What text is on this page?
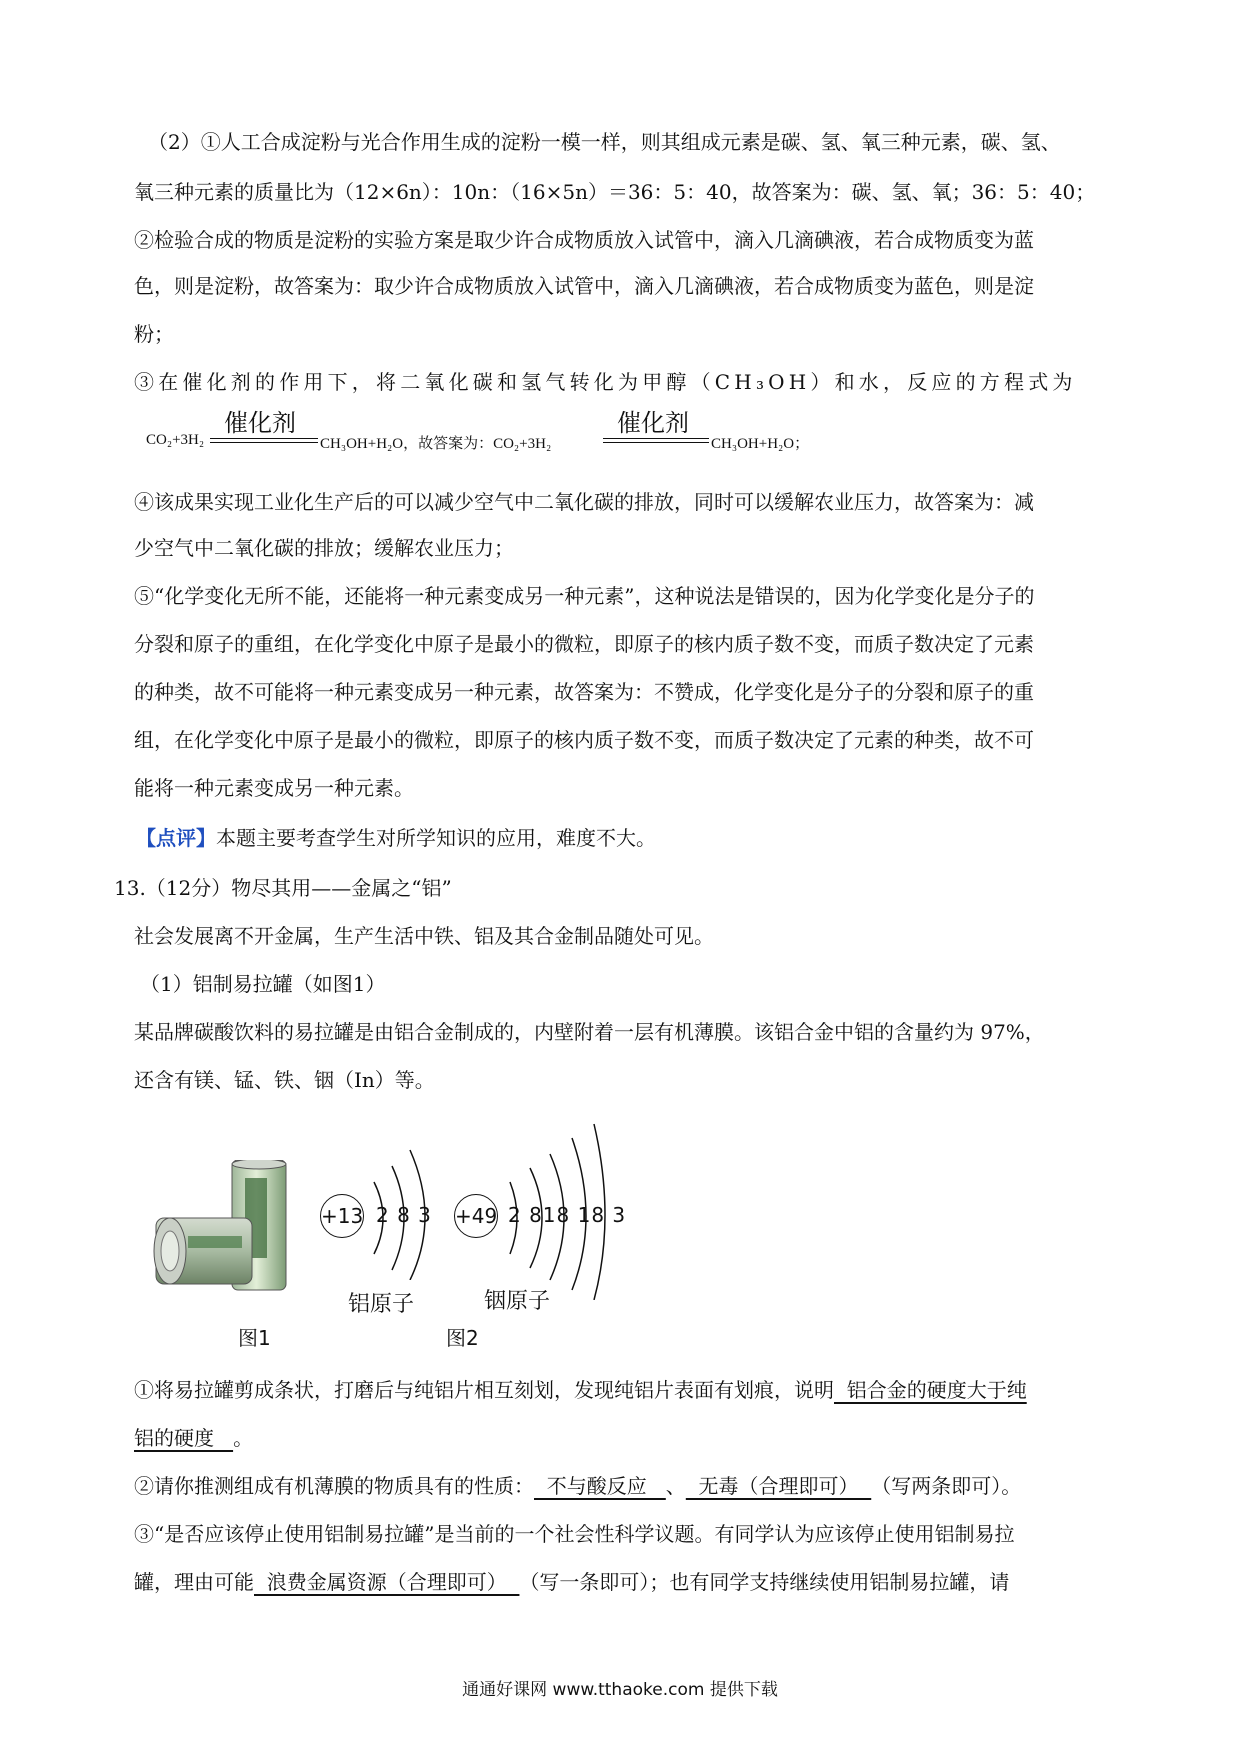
（2）①人工合成淀粉与光合作用生成的淀粉一模一样，则其组成元素是碳、氢、氧三种元素，碳、氢、
氧三种元素的质量比为（12×6n）：10n：（16×5n）＝36：5：40，故答案为：碳、氢、氧；36：5：40；
②检验合成的物质是淀粉的实验方案是取少许合成物质放入试管中，滴入几滴碘液，若合成物质变为蓝
色，则是淀粉，故答案为：取少许合成物质放入试管中，滴入几滴碘液，若合成物质变为蓝色，则是淀
粉；
③在催化剂的作用下，将二氧化碳和氢气转化为甲醇（CH₃OH）和水，反应的方程式为
CO₂+3H₂
催化剂
CH₃OH+H₂O，故答案为：CO₂+3H₂
催化剂
CH₃OH+H₂O；
④该成果实现工业化生产后的可以减少空气中二氧化碳的排放，同时可以缓解农业压力，故答案为：减
少空气中二氧化碳的排放；缓解农业压力；
⑤“化学变化无所不能，还能将一种元素变成另一种元素”，这种说法是错误的，因为化学变化是分子的
分裂和原子的重组，在化学变化中原子是最小的微粒，即原子的核内质子数不变，而质子数决定了元素
的种类，故不可能将一种元素变成另一种元素，故答案为：不赞成，化学变化是分子的分裂和原子的重
组，在化学变化中原子是最小的微粒，即原子的核内质子数不变，而质子数决定了元素的种类，故不可
能将一种元素变成另一种元素。
【点评】本题主要考查学生对所学知识的应用，难度不大。
13.（12分）物尽其用——金属之“铝”
社会发展离不开金属，生产生活中铁、铝及其合金制品随处可见。
（1）铝制易拉罐（如图1）
某品牌碳酸饮料的易拉罐是由铝合金制成的，内壁附着一层有机薄膜。该铝合金中铝的含量约为 97%，
还含有镁、锰、铁、铟（In）等。
+13 2 8 3
铝原子
+49 2 818 18 3
铟原子
图1	图2
①将易拉罐剪成条状，打磨后与纯铝片相互刻划，发现纯铝片表面有划痕，说明  铝合金的硬度大于纯
铝的硬度   。
②请你推测组成有机薄膜的物质具有的性质：  不与酸反应   、  无毒（合理即可）  （写两条即可）。
③“是否应该停止使用铝制易拉罐”是当前的一个社会性科学议题。有同学认为应该停止使用铝制易拉
罐，理由可能  浪费金属资源（合理即可）  （写一条即可）；也有同学支持继续使用铝制易拉罐，请
通通好课网 www.tthaoke.com 提供下载
